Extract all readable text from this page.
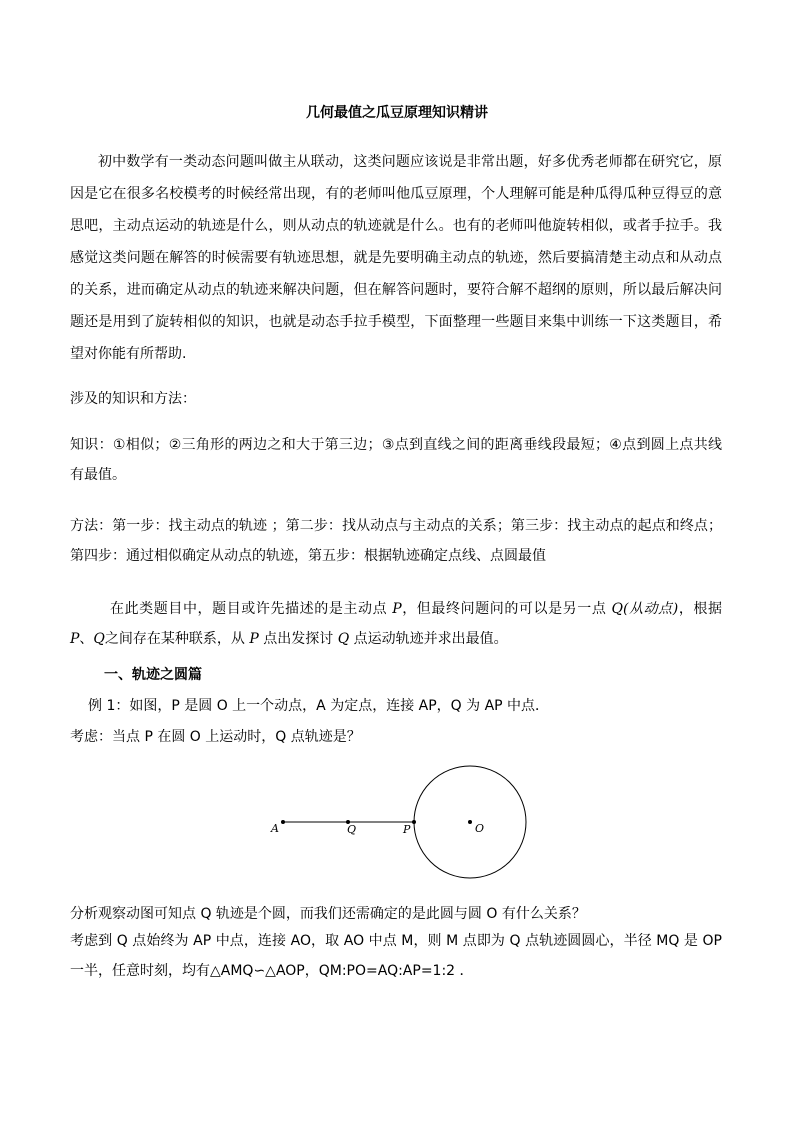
几何最值之瓜豆原理知识精讲

初中数学有一类动态问题叫做主从联动，这类问题应该说是非常出题，好多优秀老师都在研究它，原因是它在很多名校模考的时候经常出现，有的老师叫他瓜豆原理，个人理解可能是种瓜得瓜种豆得豆的意思吧，主动点运动的轨迹是什么，则从动点的轨迹就是什么。也有的老师叫他旋转相似，或者手拉手。我感觉这类问题在解答的时候需要有轨迹思想，就是先要明确主动点的轨迹，然后要搞清楚主动点和从动点的关系，进而确定从动点的轨迹来解决问题，但在解答问题时，要符合解不超纲的原则，所以最后解决问题还是用到了旋转相似的知识，也就是动态手拉手模型，下面整理一些题目来集中训练一下这类题目，希望对你能有所帮助.

涉及的知识和方法：

知识：①相似；②三角形的两边之和大于第三边；③点到直线之间的距离垂线段最短；④点到圆上点共线有最值。

方法：第一步：找主动点的轨迹 ；第二步：找从动点与主动点的关系；第三步：找主动点的起点和终点；第四步：通过相似确定从动点的轨迹，第五步：根据轨迹确定点线、点圆最值

在此类题目中，题目或许先描述的是主动点 P，但最终问题问的可以是另一点 Q(从动点)，根据 P、Q之间存在某种联系，从 P 点出发探讨 Q 点运动轨迹并求出最值。

一、轨迹之圆篇
例 1：如图，P 是圆 O 上一个动点，A 为定点，连接 AP，Q 为 AP 中点．
考虑：当点 P 在圆 O 上运动时，Q 点轨迹是？
A	Q	P	O
分析观察动图可知点 Q 轨迹是个圆，而我们还需确定的是此圆与圆 O 有什么关系？

考虑到 Q 点始终为 AP 中点，连接 AO，取 AO 中点 M，则 M 点即为 Q 点轨迹圆圆心，半径 MQ 是 OP 一半，任意时刻，均有△AMQ∽△AOP，QM:PO=AQ:AP=1:2 ．
